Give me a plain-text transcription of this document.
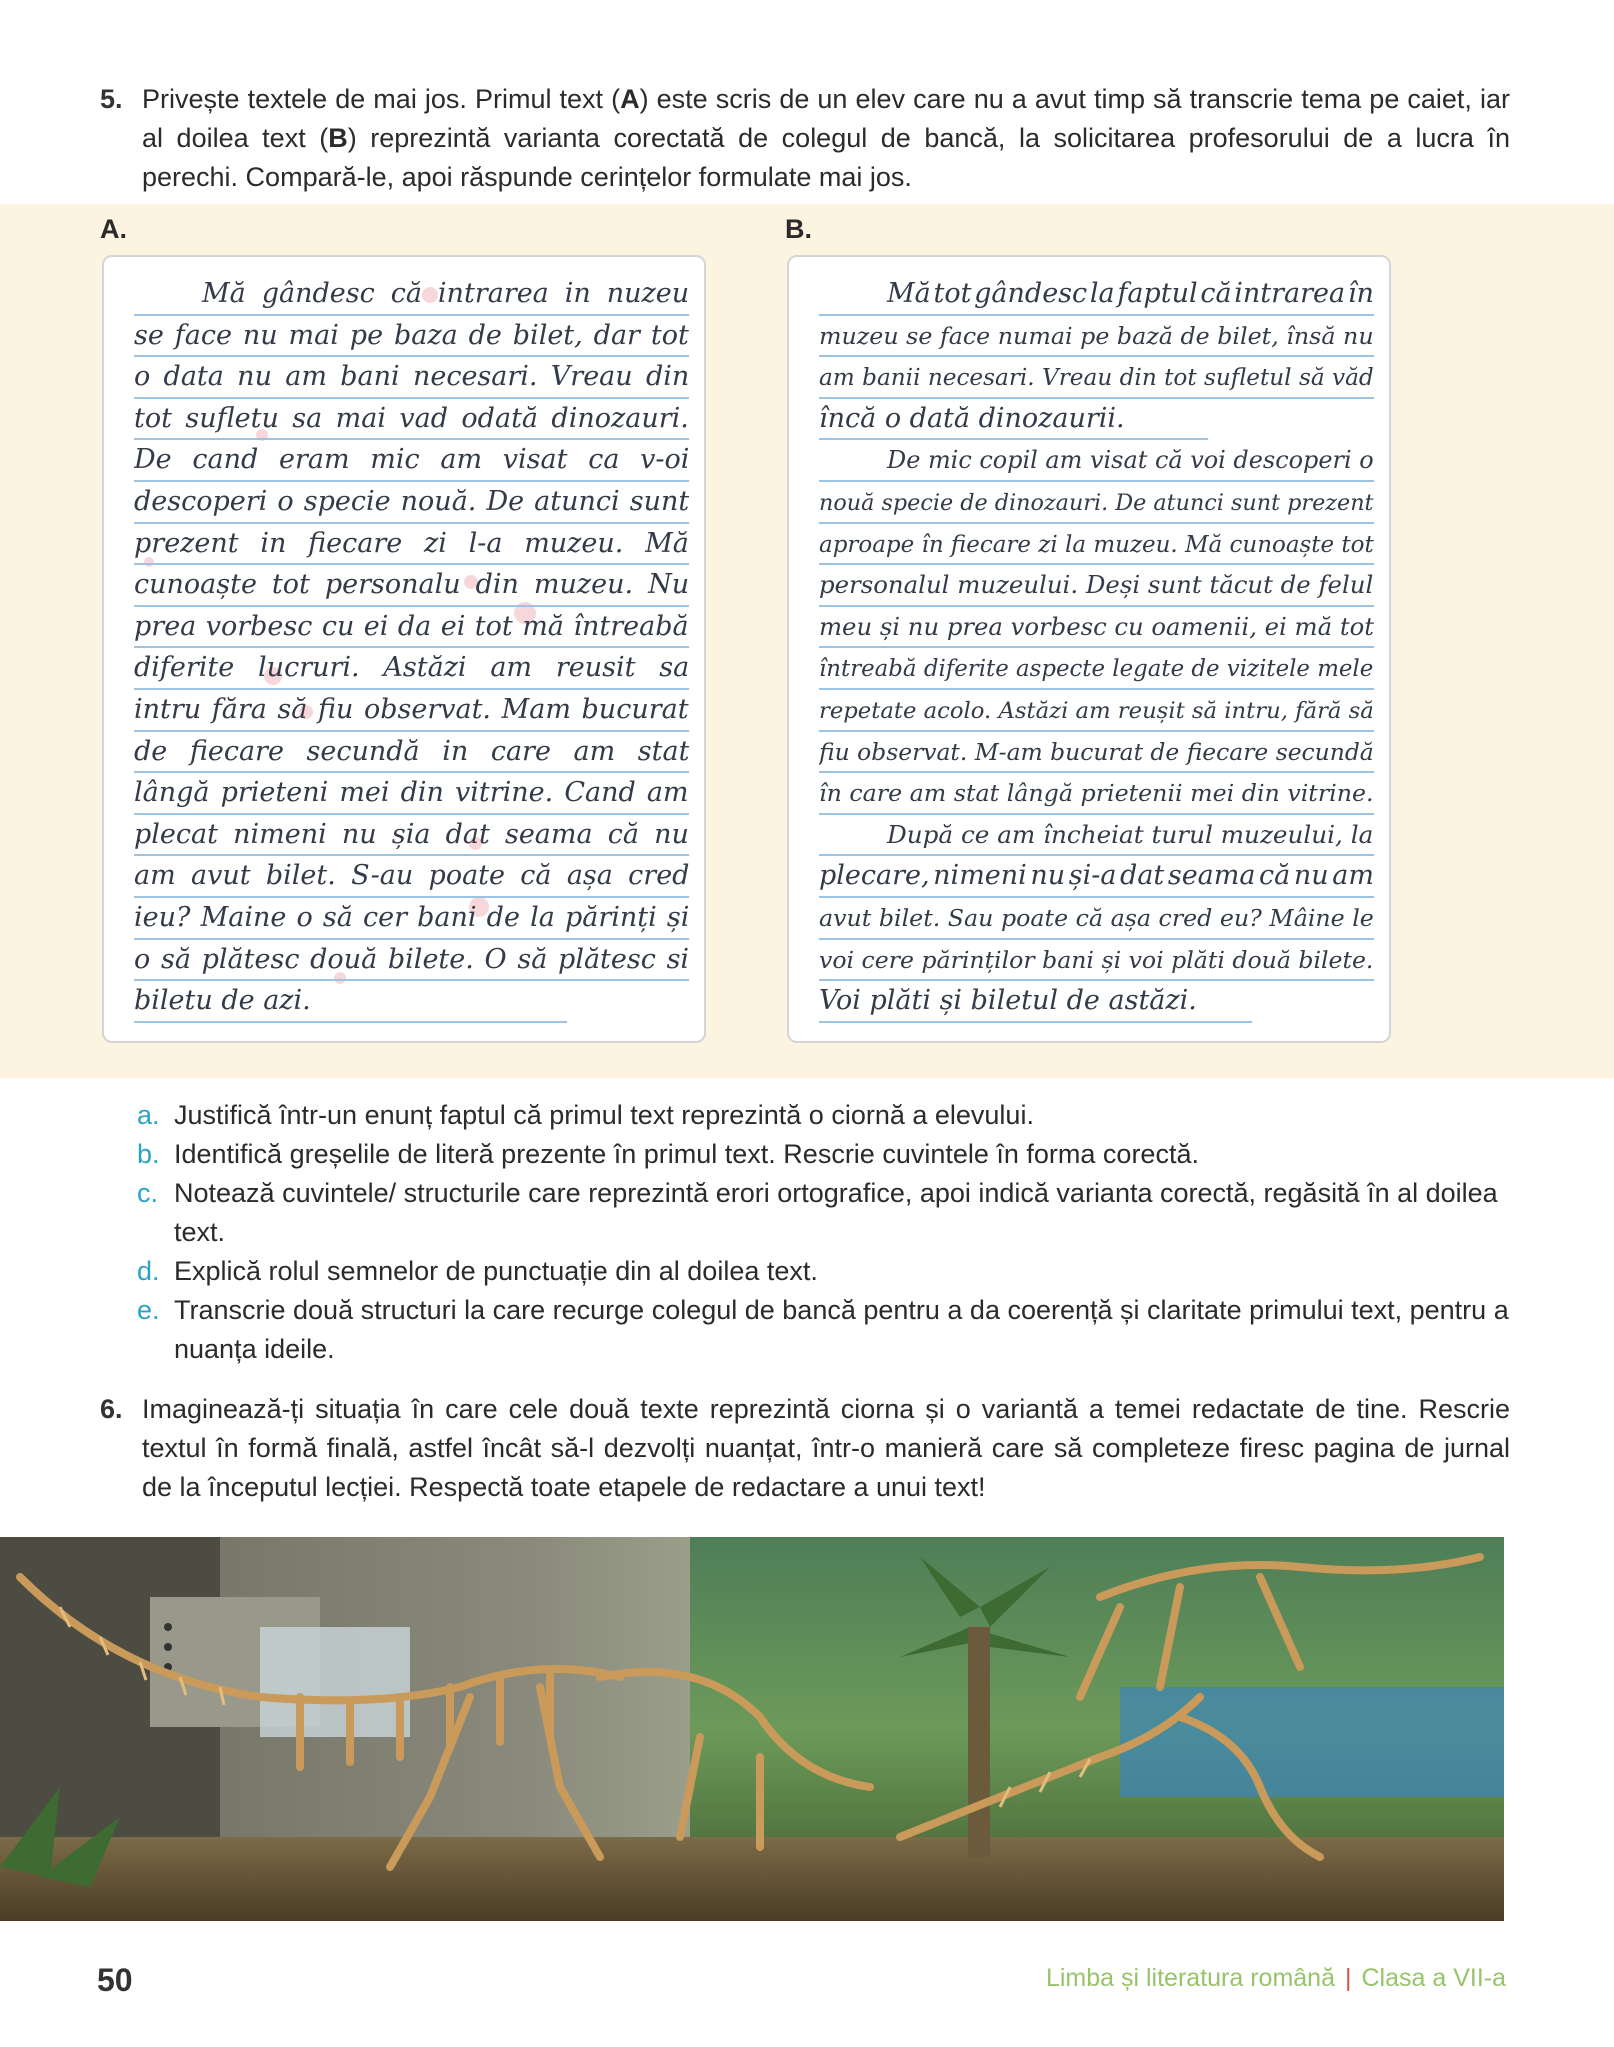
5. Privește textele de mai jos. Primul text (A) este scris de un elev care nu a avut timp să transcrie tema pe caiet, iar al doilea text (B) reprezintă varianta corectată de colegul de bancă, la solicitarea profesorului de a lucra în perechi. Compară-le, apoi răspunde cerințelor formulate mai jos.
A.	B.
Mă gândesc că intrarea in nuzeu
se face nu mai pe baza de bilet, dar tot
o data nu am bani necesari. Vreau din
tot sufletu sa mai vad odată dinozauri.
De cand eram mic am visat ca v-oi
descoperi o specie nouă. De atunci sunt
prezent in fiecare zi l-a muzeu. Mă
cunoaște tot personalu din muzeu. Nu
prea vorbesc cu ei da ei tot mă întreabă
diferite lucruri. Astăzi am reusit sa
intru făra să fiu observat. Mam bucurat
de fiecare secundă in care am stat
lângă prieteni mei din vitrine. Cand am
plecat nimeni nu șia dat seama că nu
am avut bilet. S-au poate că așa cred
ieu? Maine o să cer bani de la părinți și
o să plătesc două bilete. O să plătesc si
biletu de azi.
Mă tot gândesc la faptul că intrarea în
muzeu se face numai pe bază de bilet, însă nu
am banii necesari. Vreau din tot sufletul să văd
încă o dată dinozaurii.
De mic copil am visat că voi descoperi o
nouă specie de dinozauri. De atunci sunt prezent
aproape în fiecare zi la muzeu. Mă cunoaște tot
personalul muzeului. Deși sunt tăcut de felul
meu și nu prea vorbesc cu oamenii, ei mă tot
întreabă diferite aspecte legate de vizitele mele
repetate acolo. Astăzi am reușit să intru, fără să
fiu observat. M-am bucurat de fiecare secundă
în care am stat lângă prietenii mei din vitrine.
După ce am încheiat turul muzeului, la
plecare, nimeni nu și-a dat seama că nu am
avut bilet. Sau poate că așa cred eu? Mâine le
voi cere părinților bani și voi plăti două bilete.
Voi plăti și biletul de astăzi.
a. Justifică într-un enunț faptul că primul text reprezintă o ciornă a elevului.
b. Identifică greșelile de literă prezente în primul text. Rescrie cuvintele în forma corectă.
c. Notează cuvintele/ structurile care reprezintă erori ortografice, apoi indică varianta corectă, regăsită în al doilea text.
d. Explică rolul semnelor de punctuație din al doilea text.
e. Transcrie două structuri la care recurge colegul de bancă pentru a da coerență și claritate primului text, pentru a nuanța ideile.
6. Imaginează-ți situația în care cele două texte reprezintă ciorna și o variantă a temei redactate de tine. Rescrie textul în formă finală, astfel încât să-l dezvolți nuanțat, într-o manieră care să completeze firesc pagina de jurnal de la începutul lecției. Respectă toate etapele de redactare a unui text!
50	Limba și literatura română | Clasa a VII-a
